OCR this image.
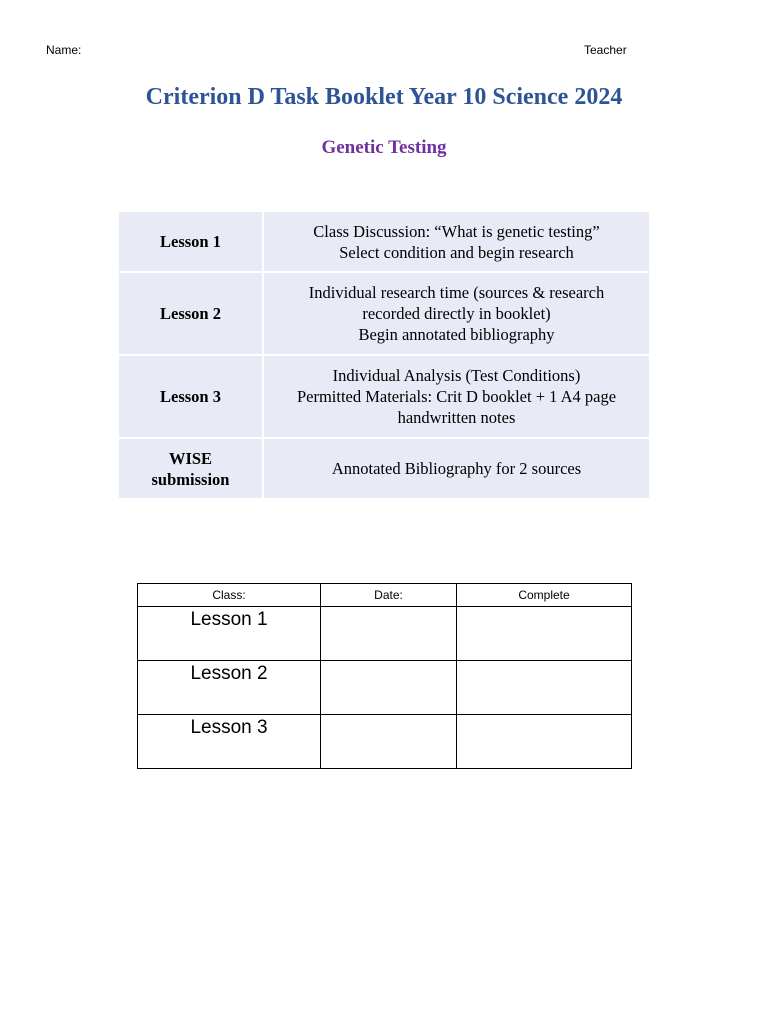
Name:	Teacher
Criterion D Task Booklet Year 10 Science 2024
Genetic Testing
Lesson 1	Class Discussion: “What is genetic testing”
Select condition and begin research

Lesson 2	Individual research time (sources & research
recorded directly in booklet)
Begin annotated bibliography

Lesson 3	Individual Analysis (Test Conditions)
Permitted Materials: Crit D booklet + 1 A4 page
handwritten notes

WISE
submission	Annotated Bibliography for 2 sources
Class:	Date:	Complete
Lesson 1		
Lesson 2		
Lesson 3		
